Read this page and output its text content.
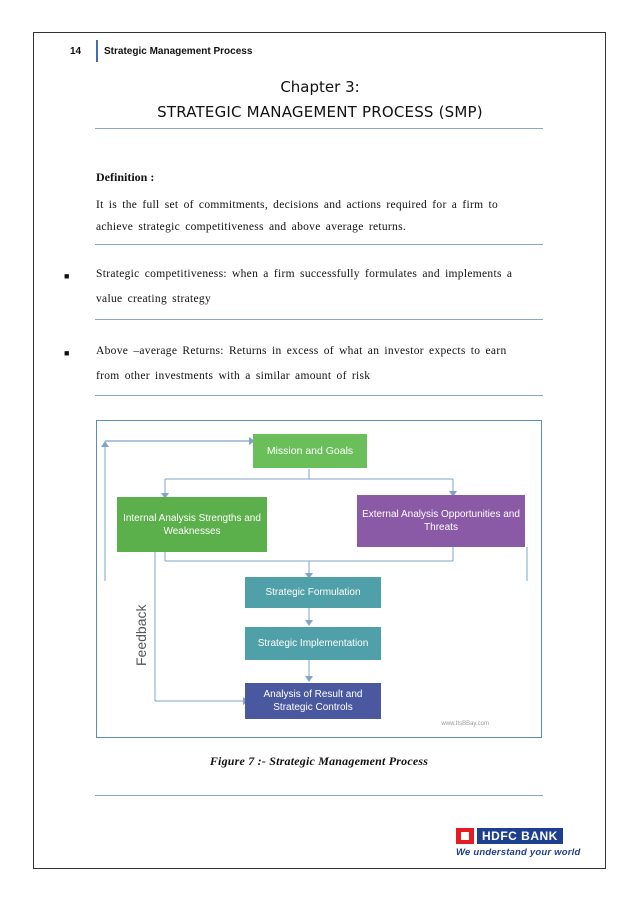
14	Strategic Management Process
Chapter 3:
STRATEGIC MANAGEMENT PROCESS (SMP)
Definition :
It is the full set of commitments, decisions and actions required for a firm to
achieve strategic competitiveness and above average returns.
■ Strategic competitiveness: when a firm successfully formulates and implements a
value creating strategy
■ Above –average Returns: Returns in excess of what an investor expects to earn
from other investments with a similar amount of risk
Mission and Goals
Internal Analysis Strengths and Weaknesses
External Analysis Opportunities and Threats
Strategic Formulation
Strategic Implementation
Analysis of Result and Strategic Controls
Feedback
www.ItsBBay.com
Figure 7 :- Strategic Management Process
HDFC BANK
We understand your world
